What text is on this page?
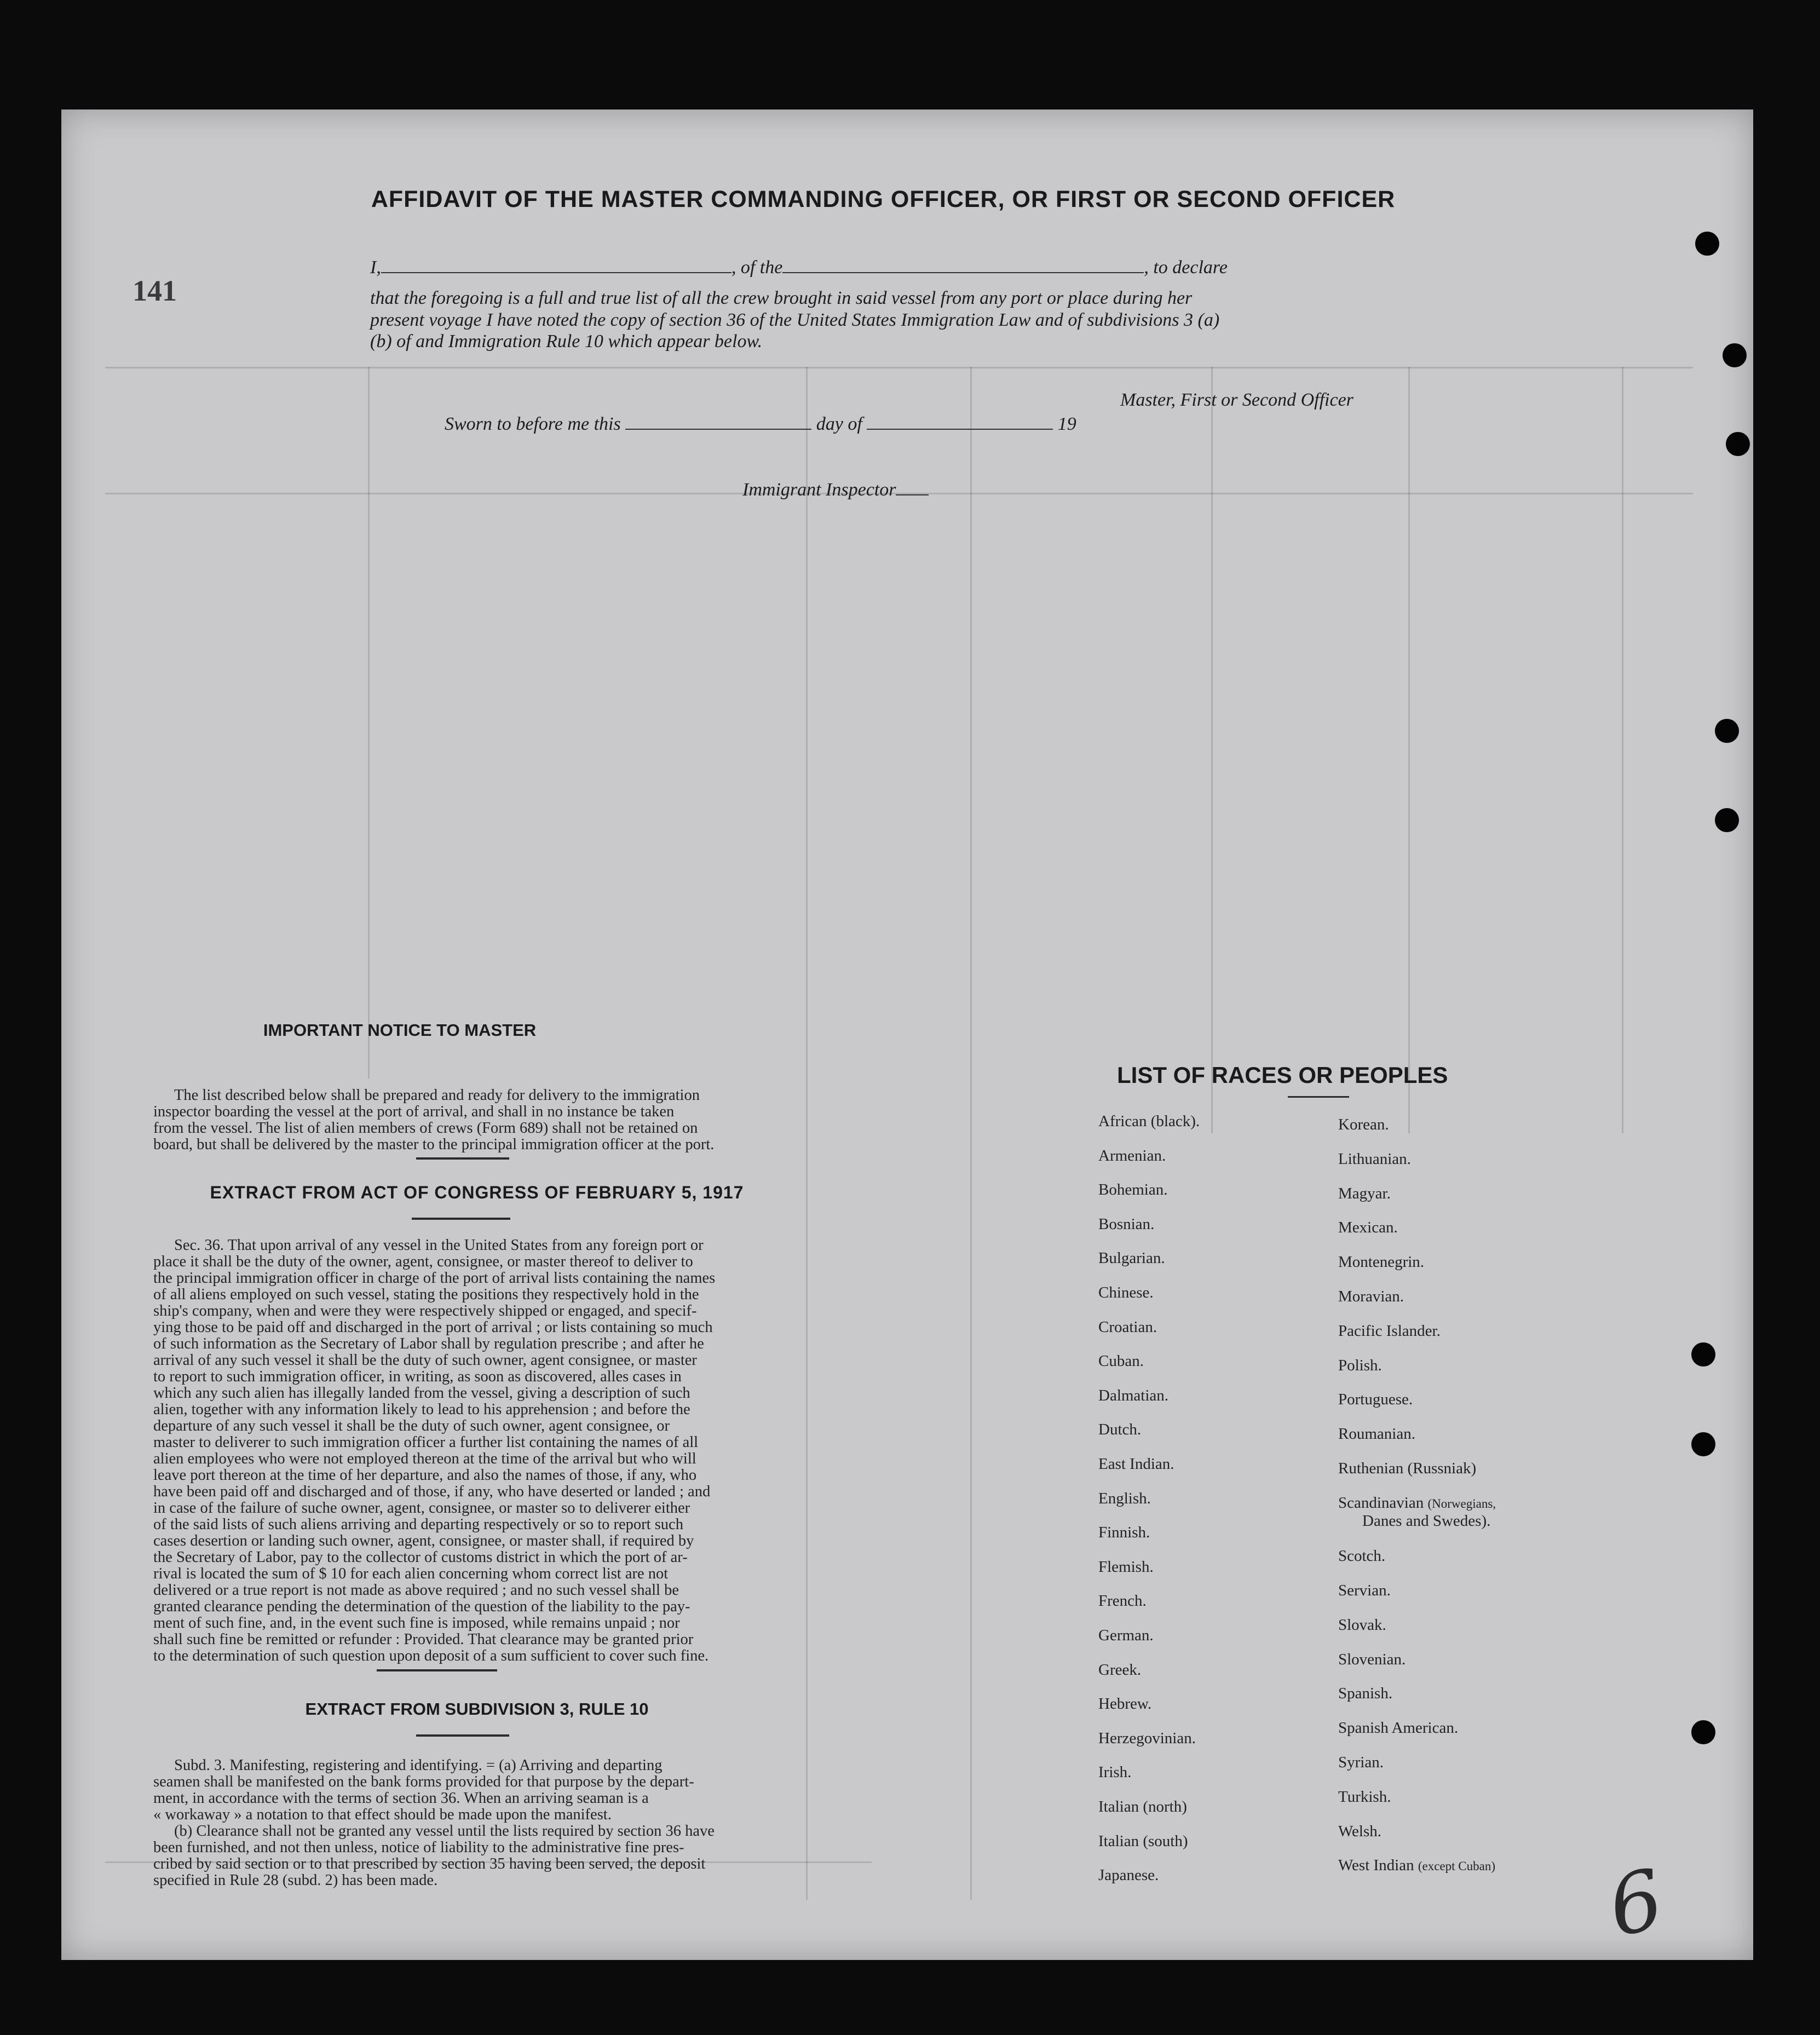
141
AFFIDAVIT OF THE MASTER COMMANDING OFFICER, OR FIRST OR SECOND OFFICER
I,	, of the	, to declare
that the foregoing is a full and true list of all the crew brought in said vessel from any port or place during her
present voyage I have noted the copy of section 36 of the United States Immigration Law and of subdivisions 3 (a)
(b) of and Immigration Rule 10 which appear below.
Master, First or Second Officer
Sworn to before me this	day of	19
Immigrant Inspector
IMPORTANT NOTICE TO MASTER
The list described below shall be prepared and ready for delivery to the immigration
inspector boarding the vessel at the port of arrival, and shall in no instance be taken
from the vessel. The list of alien members of crews (Form 689) shall not be retained on
board, but shall be delivered by the master to the principal immigration officer at the port.
EXTRACT FROM ACT OF CONGRESS OF FEBRUARY 5, 1917
Sec. 36. That upon arrival of any vessel in the United States from any foreign port or
place it shall be the duty of the owner, agent, consignee, or master thereof to deliver to
the principal immigration officer in charge of the port of arrival lists containing the names
of all aliens employed on such vessel, stating the positions they respectively hold in the
ship's company, when and were they were respectively shipped or engaged, and specif-
ying those to be paid off and discharged in the port of arrival ; or lists containing so much
of such information as the Secretary of Labor shall by regulation prescribe ; and after he
arrival of any such vessel it shall be the duty of such owner, agent consignee, or master
to report to such immigration officer, in writing, as soon as discovered, alles cases in
which any such alien has illegally landed from the vessel, giving a description of such
alien, together with any information likely to lead to his apprehension ; and before the
departure of any such vessel it shall be the duty of such owner, agent consignee, or
master to deliverer to such immigration officer a further list containing the names of all
alien employees who were not employed thereon at the time of the arrival but who will
leave port thereon at the time of her departure, and also the names of those, if any, who
have been paid off and discharged and of those, if any, who have deserted or landed ; and
in case of the failure of suche owner, agent, consignee, or master so to deliverer either
of the said lists of such aliens arriving and departing respectively or so to report such
cases desertion or landing such owner, agent, consignee, or master shall, if required by
the Secretary of Labor, pay to the collector of customs district in which the port of ar-
rival is located the sum of $ 10 for each alien concerning whom correct list are not
delivered or a true report is not made as above required ; and no such vessel shall be
granted clearance pending the determination of the question of the liability to the pay-
ment of such fine, and, in the event such fine is imposed, while remains unpaid ; nor
shall such fine be remitted or refunder : Provided. That clearance may be granted prior
to the determination of such question upon deposit of a sum sufficient to cover such fine.
EXTRACT FROM SUBDIVISION 3, RULE 10
Subd. 3. Manifesting, registering and identifying. = (a) Arriving and departing
seamen shall be manifested on the bank forms provided for that purpose by the depart-
ment, in accordance with the terms of section 36. When an arriving seaman is a
« workaway » a notation to that effect should be made upon the manifest.
(b) Clearance shall not be granted any vessel until the lists required by section 36 have
been furnished, and not then unless, notice of liability to the administrative fine pres-
cribed by said section or to that prescribed by section 35 having been served, the deposit
specified in Rule 28 (subd. 2) has been made.
LIST OF RACES OR PEOPLES
African (black).
Armenian.
Bohemian.
Bosnian.
Bulgarian.
Chinese.
Croatian.
Cuban.
Dalmatian.
Dutch.
East Indian.
English.
Finnish.
Flemish.
French.
German.
Greek.
Hebrew.
Herzegovinian.
Irish.
Italian (north)
Italian (south)
Japanese.
Korean.
Lithuanian.
Magyar.
Mexican.
Montenegrin.
Moravian.
Pacific Islander.
Polish.
Portuguese.
Roumanian.
Ruthenian (Russniak)
Scandinavian (Norwegians,
Danes and Swedes).
Scotch.
Servian.
Slovak.
Slovenian.
Spanish.
Spanish American.
Syrian.
Turkish.
Welsh.
West Indian (except Cuban) 6
